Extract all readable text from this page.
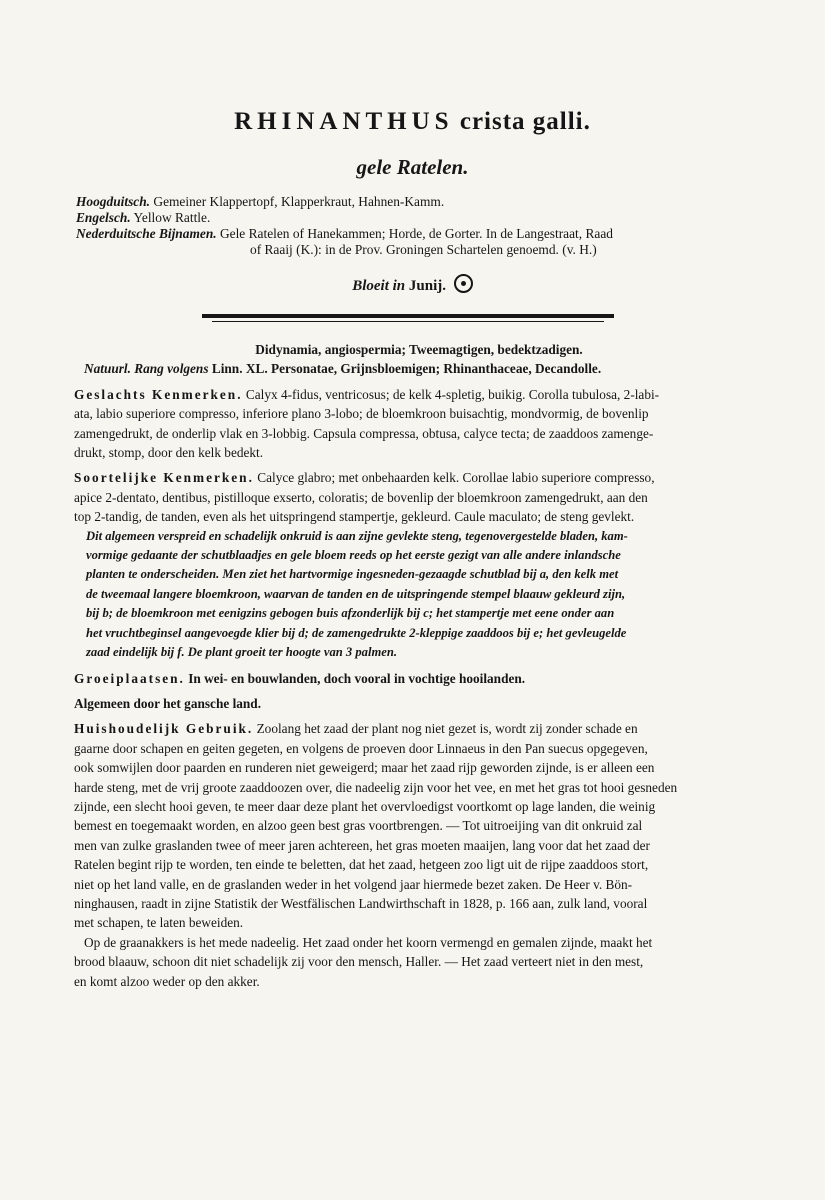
RHINANTHUS crista galli.
gele Ratelen.
Hoogduitsch. Gemeiner Klappertopf, Klapperkraut, Hahnen-Kamm.
Engelsch. Yellow Rattle.
Nederduitsche Bijnamen. Gele Ratelen of Hanekammen; Horde, de Gorter. In de Langestraat, Raad
of Raaij (K.): in de Prov. Groningen Schartelen genoemd. (v. H.)
Bloeit in Junij.

Didynamia, angiospermia; Tweemagtigen, bedektzadigen.

Natuurl. Rang volgens Linn. XL. Personatae, Grijnsbloemigen; Rhinanthaceae, Decandolle.

Geslachts Kenmerken. Calyx 4-fidus, ventricosus; de kelk 4-spletig, buikig. Corolla tubulosa, 2-labi-

ata, labio superiore compresso, inferiore plano 3-lobo; de bloemkroon buisachtig, mondvormig, de bovenlip

zamengedrukt, de onderlip vlak en 3-lobbig. Capsula compressa, obtusa, calyce tecta; de zaaddoos zamenge-

drukt, stomp, door den kelk bedekt.

Soortelijke Kenmerken. Calyce glabro; met onbehaarden kelk. Corollae labio superiore compresso,

apice 2-dentato, dentibus, pistilloque exserto, coloratis; de bovenlip der bloemkroon zamengedrukt, aan den

top 2-tandig, de tanden, even als het uitspringend stampertje, gekleurd. Caule maculato; de steng gevlekt.

Dit algemeen verspreid en schadelijk onkruid is aan zijne gevlekte steng, tegenovergestelde bladen, kam-

vormige gedaante der schutblaadjes en gele bloem reeds op het eerste gezigt van alle andere inlandsche

planten te onderscheiden. Men ziet het hartvormige ingesneden-gezaagde schutblad bij a, den kelk met

de tweemaal langere bloemkroon, waarvan de tanden en de uitspringende stempel blaauw gekleurd zijn,

bij b; de bloemkroon met eenigzins gebogen buis afzonderlijk bij c; het stampertje met eene onder aan

het vruchtbeginsel aangevoegde klier bij d; de zamengedrukte 2-kleppige zaaddoos bij e; het gevleugelde

zaad eindelijk bij f. De plant groeit ter hoogte van 3 palmen.

Groeiplaatsen. In wei- en bouwlanden, doch vooral in vochtige hooilanden.

Algemeen door het gansche land.

Huishoudelijk Gebruik. Zoolang het zaad der plant nog niet gezet is, wordt zij zonder schade en

gaarne door schapen en geiten gegeten, en volgens de proeven door Linnaeus in den Pan suecus opgegeven,

ook somwijlen door paarden en runderen niet geweigerd; maar het zaad rijp geworden zijnde, is er alleen een

harde steng, met de vrij groote zaaddoozen over, die nadeelig zijn voor het vee, en met het gras tot hooi gesneden

zijnde, een slecht hooi geven, te meer daar deze plant het overvloedigst voortkomt op lage landen, die weinig

bemest en toegemaakt worden, en alzoo geen best gras voortbrengen. — Tot uitroeijing van dit onkruid zal

men van zulke graslanden twee of meer jaren achtereen, het gras moeten maaijen, lang voor dat het zaad der

Ratelen begint rijp te worden, ten einde te beletten, dat het zaad, hetgeen zoo ligt uit de rijpe zaaddoos stort,

niet op het land valle, en de graslanden weder in het volgend jaar hiermede bezet zaken. De Heer v. Bön-

ninghausen, raadt in zijne Statistik der Westfälischen Landwirthschaft in 1828, p. 166 aan, zulk land, vooral

met schapen, te laten beweiden.

Op de graanakkers is het mede nadeelig. Het zaad onder het koorn vermengd en gemalen zijnde, maakt het

brood blaauw, schoon dit niet schadelijk zij voor den mensch, Haller. — Het zaad verteert niet in den mest,

en komt alzoo weder op den akker.
